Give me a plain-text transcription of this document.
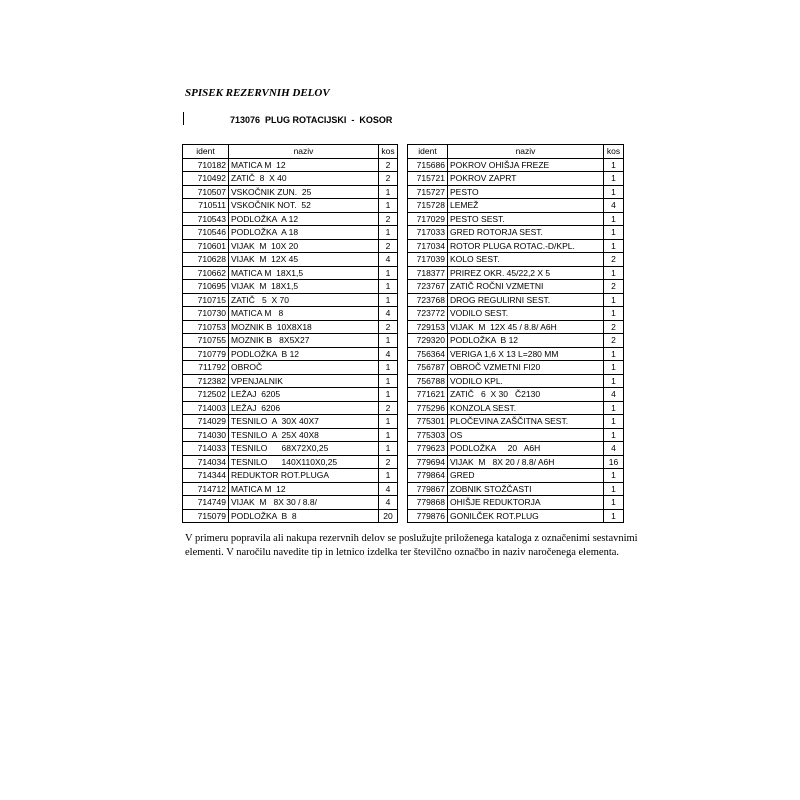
SPISEK REZERVNIH DELOV
713076  PLUG ROTACIJSKI  -  KOSOR
ident	naziv	kos
710182	MATICA M  12	2
710492	ZATIČ  8  X 40	2
710507	VSKOČNIK ZUN.  25	1
710511	VSKOČNIK NOT.  52	1
710543	PODLOŽKA  A 12	2
710546	PODLOŽKA  A 18	1
710601	VIJAK  M  10X 20	2
710628	VIJAK  M  12X 45	4
710662	MATICA M  18X1,5	1
710695	VIJAK  M  18X1,5	1
710715	ZATIČ   5  X 70	1
710730	MATICA M   8	4
710753	MOZNIK B  10X8X18	2
710755	MOZNIK B   8X5X27	1
710779	PODLOŽKA  B 12	4
711792	OBROČ	1
712382	VPENJALNIK	1
712502	LEŽAJ  6205	1
714003	LEŽAJ  6206	2
714029	TESNILO  A  30X 40X7	1
714030	TESNILO  A  25X 40X8	1
714033	TESNILO      68X72X0,25	1
714034	TESNILO      140X110X0,25	2
714344	REDUKTOR ROT.PLUGA	1
714712	MATICA M  12	4
714749	VIJAK  M   8X 30 / 8.8/	4
715079	PODLOŽKA  B  8	20
ident	naziv	kos
715686	POKROV OHIŠJA FREZE	1
715721	POKROV ZAPRT	1
715727	PESTO	1
715728	LEMEŽ	4
717029	PESTO SEST.	1
717033	GRED ROTORJA SEST.	1
717034	ROTOR PLUGA ROTAC.-D/KPL.	1
717039	KOLO SEST.	2
718377	PRIREZ OKR. 45/22,2 X 5	1
723767	ZATIČ ROČNI VZMETNI	2
723768	DROG REGULIRNI SEST.	1
723772	VODILO SEST.	1
729153	VIJAK  M  12X 45 / 8.8/ A6H	2
729320	PODLOŽKA  B 12	2
756364	VERIGA 1,6 X 13 L=280 MM	1
756787	OBROČ VZMETNI FI20	1
756788	VODILO KPL.	1
771621	ZATIČ   6  X 30   Č2130	4
775296	KONZOLA SEST.	1
775301	PLOČEVINA ZAŠČITNA SEST.	1
775303	OS	1
779623	PODLOŽKA     20   A6H	4
779694	VIJAK  M   8X 20 / 8.8/ A6H	16
779864	GRED	1
779867	ZOBNIK STOŽČASTI	1
779868	OHIŠJE REDUKTORJA	1
779876	GONILČEK ROT.PLUG	1

V primeru popravila ali nakupa rezervnih delov se poslužujte priloženega kataloga z označenimi sestavnimi elementi. V naročilu navedite tip in letnico izdelka ter številčno označbo in naziv naročenega elementa.
